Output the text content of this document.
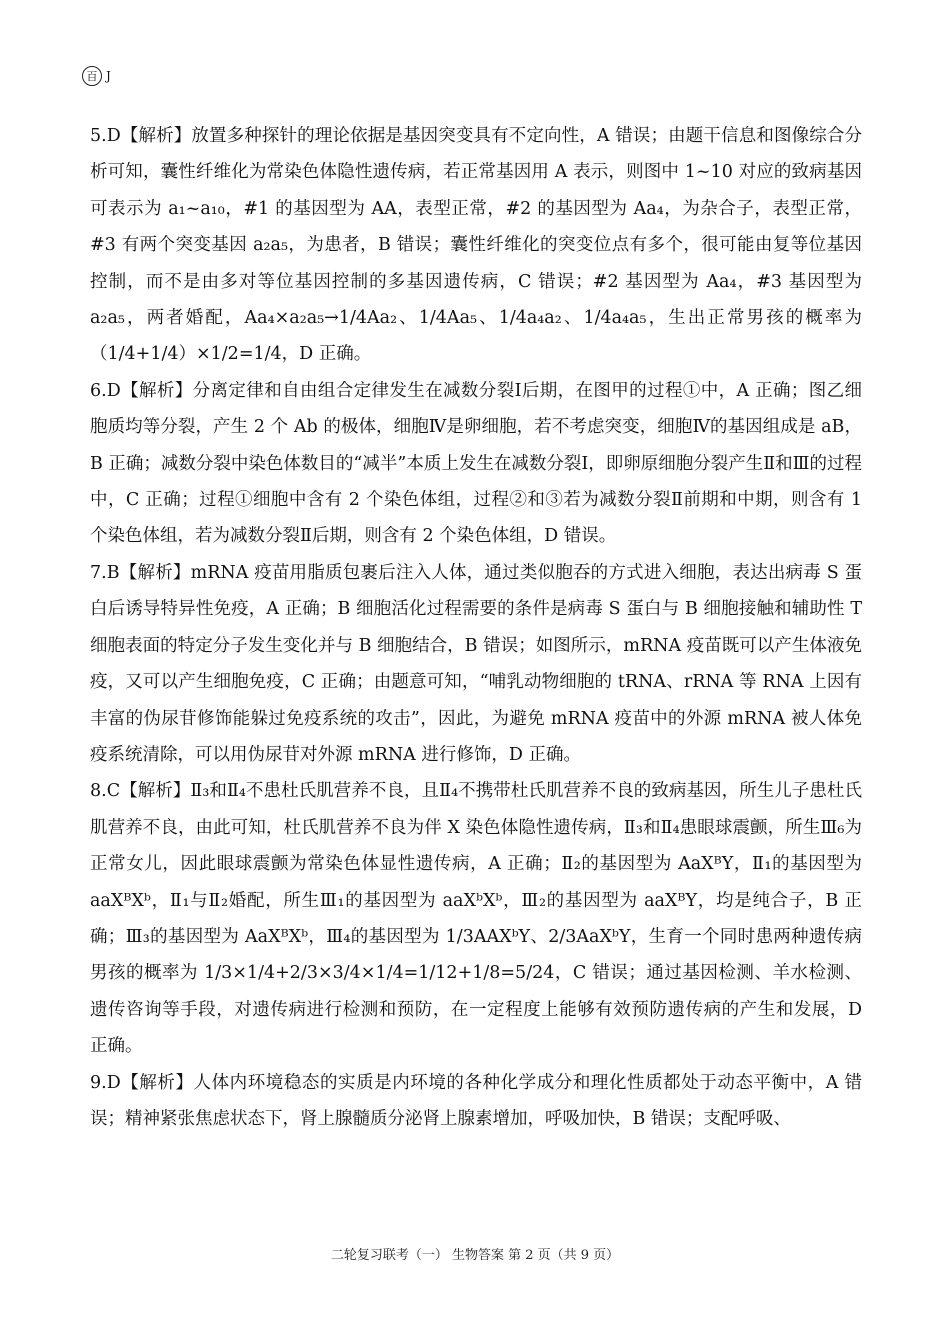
百 J

5.D【解析】放置多种探针的理论依据是基因突变具有不定向性，A 错误；由题干信息和图像综合分析可知，囊性纤维化为常染色体隐性遗传病，若正常基因用 A 表示，则图中 1~10 对应的致病基因可表示为 a₁~a₁₀，#1 的基因型为 AA，表型正常，#2 的基因型为 Aa₄，为杂合子，表型正常，#3 有两个突变基因 a₂a₅，为患者，B 错误；囊性纤维化的突变位点有多个，很可能由复等位基因控制，而不是由多对等位基因控制的多基因遗传病，C 错误；#2 基因型为 Aa₄，#3 基因型为 a₂a₅，两者婚配，Aa₄×a₂a₅→1/4Aa₂、1/4Aa₅、1/4a₄a₂、1/4a₄a₅，生出正常男孩的概率为（1/4+1/4）×1/2=1/4，D 正确。

6.D【解析】分离定律和自由组合定律发生在减数分裂Ⅰ后期，在图甲的过程①中，A 正确；图乙细胞质均等分裂，产生 2 个 Ab 的极体，细胞Ⅳ是卵细胞，若不考虑突变，细胞Ⅳ的基因组成是 aB，B 正确；减数分裂中染色体数目的“减半”本质上发生在减数分裂Ⅰ，即卵原细胞分裂产生Ⅱ和Ⅲ的过程中，C 正确；过程①细胞中含有 2 个染色体组，过程②和③若为减数分裂Ⅱ前期和中期，则含有 1 个染色体组，若为减数分裂Ⅱ后期，则含有 2 个染色体组，D 错误。

7.B【解析】mRNA 疫苗用脂质包裹后注入人体，通过类似胞吞的方式进入细胞，表达出病毒 S 蛋白后诱导特异性免疫，A 正确；B 细胞活化过程需要的条件是病毒 S 蛋白与 B 细胞接触和辅助性 T 细胞表面的特定分子发生变化并与 B 细胞结合，B 错误；如图所示，mRNA 疫苗既可以产生体液免疫，又可以产生细胞免疫，C 正确；由题意可知，“哺乳动物细胞的 tRNA、rRNA 等 RNA 上因有丰富的伪尿苷修饰能躲过免疫系统的攻击”，因此，为避免 mRNA 疫苗中的外源 mRNA 被人体免疫系统清除，可以用伪尿苷对外源 mRNA 进行修饰，D 正确。

8.C【解析】Ⅱ₃和Ⅱ₄不患杜氏肌营养不良，且Ⅱ₄不携带杜氏肌营养不良的致病基因，所生儿子患杜氏肌营养不良，由此可知，杜氏肌营养不良为伴 X 染色体隐性遗传病，Ⅱ₃和Ⅱ₄患眼球震颤，所生Ⅲ₆为正常女儿，因此眼球震颤为常染色体显性遗传病，A 正确；Ⅱ₂的基因型为 AaXᴮY，Ⅱ₁的基因型为 aaXᴮXᵇ，Ⅱ₁与Ⅱ₂婚配，所生Ⅲ₁的基因型为 aaXᵇXᵇ，Ⅲ₂的基因型为 aaXᴮY，均是纯合子，B 正确；Ⅲ₃的基因型为 AaXᴮXᵇ，Ⅲ₄的基因型为 1/3AAXᵇY、2/3AaXᵇY，生育一个同时患两种遗传病男孩的概率为 1/3×1/4+2/3×3/4×1/4=1/12+1/8=5/24，C 错误；通过基因检测、羊水检测、遗传咨询等手段，对遗传病进行检测和预防，在一定程度上能够有效预防遗传病的产生和发展，D 正确。

9.D【解析】人体内环境稳态的实质是内环境的各种化学成分和理化性质都处于动态平衡中，A 错误；精神紧张焦虑状态下，肾上腺髓质分泌肾上腺素增加，呼吸加快，B 错误；支配呼吸、

二轮复习联考（一） 生物答案 第 2 页（共 9 页）
